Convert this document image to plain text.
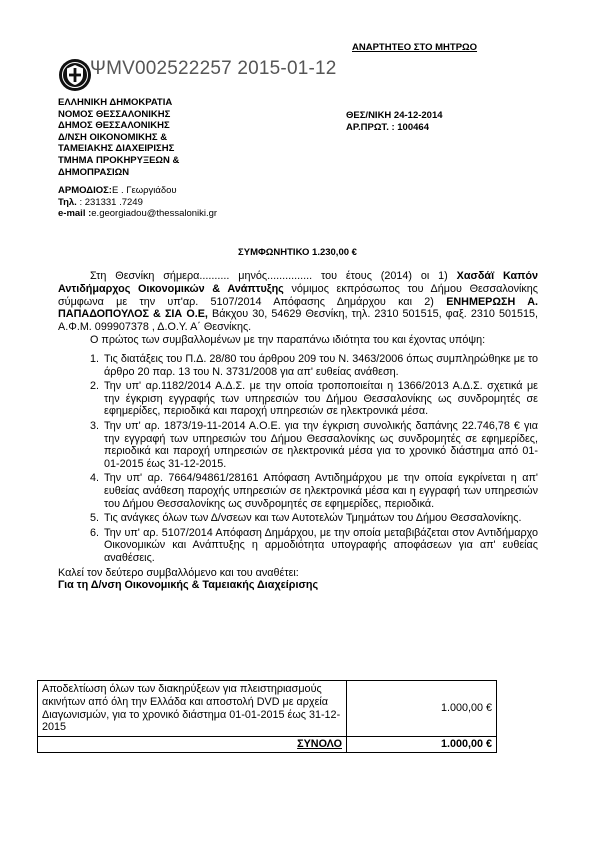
ΑΝΑΡΤΗΤΕΟ ΣΤΟ ΜΗΤΡΩΟ
ΨΜV002522257 2015-01-12
ΕΛΛΗΝΙΚΗ ΔΗΜΟΚΡΑΤΙΑ
ΝΟΜΟΣ ΘΕΣΣΑΛΟΝΙΚΗΣ
ΔΗΜΟΣ ΘΕΣΣΑΛΟΝΙΚΗΣ
Δ/ΝΣΗ ΟΙΚΟΝΟΜΙΚΗΣ &
ΤΑΜΕΙΑΚΗΣ ΔΙΑΧΕΙΡΙΣΗΣ
ΤΜΗΜΑ ΠΡΟΚΗΡΥΞΕΩΝ &
ΔΗΜΟΠΡΑΣΙΩΝ
ΑΡΜΟΔΙΟΣ:Ε . Γεωργιάδου
Τηλ. : 231331 .7249
e-mail :e.georgiadou@thessaloniki.gr
ΘΕΣ/ΝΙΚΗ 24-12-2014
ΑΡ.ΠΡΩΤ. : 100464
ΣΥΜΦΩΝΗΤΙΚΟ 1.230,00 €

Στη Θεσνίκη σήμερα.......... μηνός............... του έτους (2014) οι 1) Χασδάϊ Καπόν Αντιδήμαρχος Οικονομικών & Ανάπτυξης νόμιμος εκπρόσωπος του Δήμου Θεσσαλονίκης σύμφωνα με την υπ'αρ. 5107/2014 Απόφασης Δημάρχου και 2) ΕΝΗΜΕΡΩΣΗ Α. ΠΑΠΑΔΟΠΟΥΛΟΣ & ΣΙΑ Ο.Ε, Βάκχου 30, 54629 Θεσνίκη, τηλ. 2310 501515, φαξ. 2310 501515, Α.Φ.Μ. 099907378 , Δ.Ο.Υ. Α΄ Θεσνίκης.

Ο πρώτος των συμβαλλομένων με την παραπάνω ιδιότητα του και έχοντας υπόψη:

1. Τις διατάξεις του Π.Δ. 28/80 του άρθρου 209 του Ν. 3463/2006 όπως συμπληρώθηκε με το άρθρο 20 παρ. 13 του Ν. 3731/2008 για απ' ευθείας ανάθεση.
2. Την υπ' αρ.1182/2014 Α.Δ.Σ. με την οποία τροποποιείται η 1366/2013 Α.Δ.Σ. σχετικά με την έγκριση εγγραφής των υπηρεσιών του Δήμου Θεσσαλονίκης ως συνδρομητές σε εφημερίδες, περιοδικά και παροχή υπηρεσιών σε ηλεκτρονικά μέσα.
3. Την υπ' αρ. 1873/19-11-2014 Α.Ο.Ε. για την έγκριση συνολικής δαπάνης 22.746,78 € για την εγγραφή των υπηρεσιών του Δήμου Θεσσαλονίκης ως συνδρομητές σε εφημερίδες, περιοδικά και παροχή υπηρεσιών σε ηλεκτρονικά μέσα για το χρονικό διάστημα από 01-01-2015 έως 31-12-2015.
4. Την υπ' αρ. 7664/94861/28161 Απόφαση Αντιδημάρχου με την οποία εγκρίνεται η απ' ευθείας ανάθεση παροχής υπηρεσιών σε ηλεκτρονικά μέσα και η εγγραφή των υπηρεσιών του Δήμου Θεσσαλονίκης ως συνδρομητές σε εφημερίδες, περιοδικά.
5. Τις ανάγκες όλων των Δ/νσεων και των Αυτοτελών Τμημάτων του Δήμου Θεσσαλονίκης.
6. Την υπ' αρ. 5107/2014 Απόφαση Δημάρχου, με την οποία μεταβιβάζεται στον Αντιδήμαρχο Οικονομικών και Ανάπτυξης η αρμοδιότητα υπογραφής αποφάσεων για απ' ευθείας αναθέσεις.

Καλεί τον δεύτερο συμβαλλόμενο και του αναθέτει:

Για τη Δ/νση Οικονομικής & Ταμειακής Διαχείρισης

Αποδελτίωση όλων των διακηρύξεων για πλειστηριασμούς ακινήτων από όλη την Ελλάδα και αποστολή DVD με αρχεία Διαγωνισμών, για το χρονικό διάστημα 01-01-2015 έως 31-12-2015	1.000,00 €
ΣΥΝΟΛΟ	1.000,00 €
